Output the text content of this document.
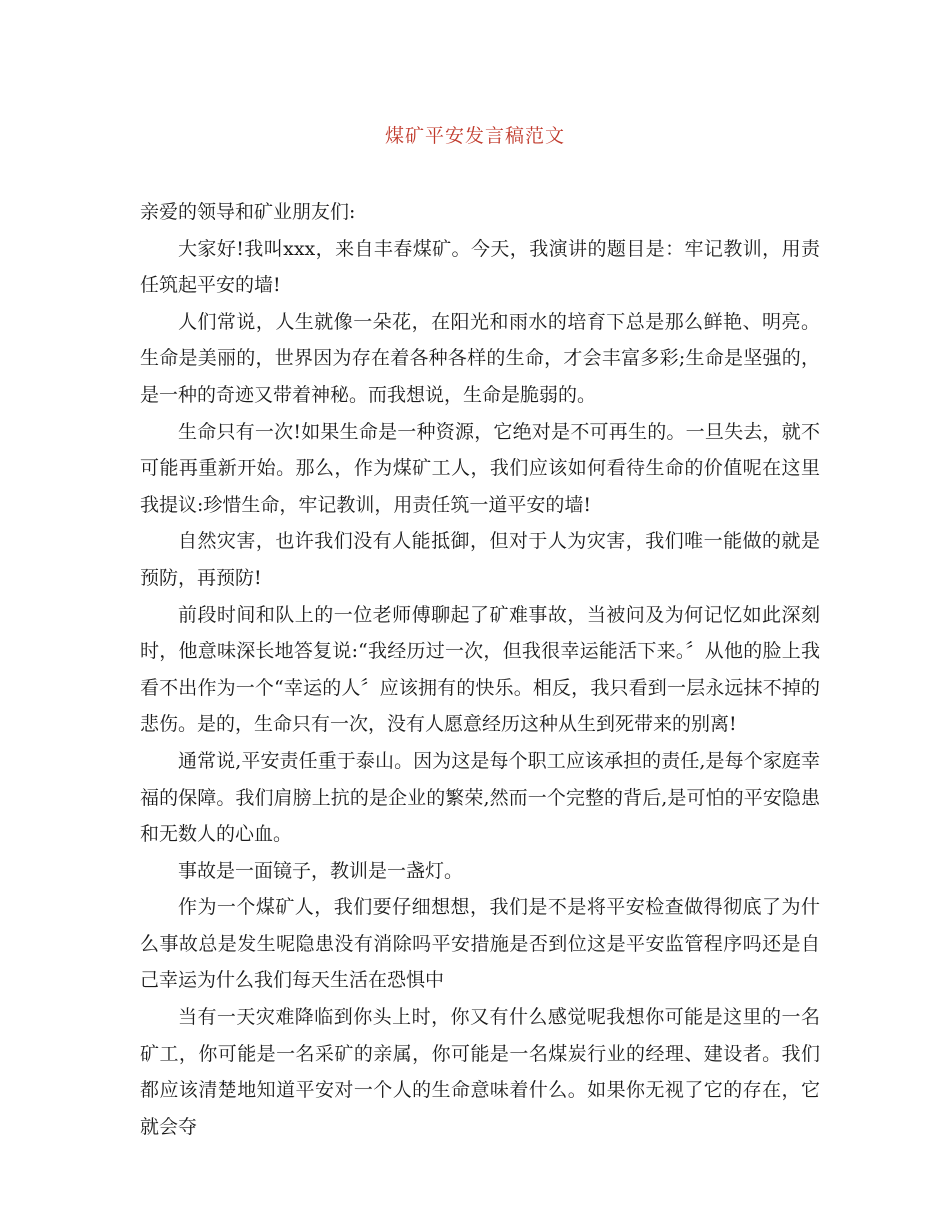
煤矿平安发言稿范文

亲爱的领导和矿业朋友们:

大家好!我叫xxx，来自丰春煤矿。今天，我演讲的题目是：牢记教训，用责任筑起平安的墙!

人们常说，人生就像一朵花，在阳光和雨水的培育下总是那么鲜艳、明亮。生命是美丽的，世界因为存在着各种各样的生命，才会丰富多彩;生命是坚强的，是一种的奇迹又带着神秘。而我想说，生命是脆弱的。

生命只有一次!如果生命是一种资源，它绝对是不可再生的。一旦失去，就不可能再重新开始。那么，作为煤矿工人，我们应该如何看待生命的价值呢在这里我提议:珍惜生命，牢记教训，用责任筑一道平安的墙!

自然灾害，也许我们没有人能抵御，但对于人为灾害，我们唯一能做的就是预防，再预防!

前段时间和队上的一位老师傅聊起了矿难事故，当被问及为何记忆如此深刻时，他意味深长地答复说:“我经历过一次，但我很幸运能活下来。〞从他的脸上我看不出作为一个“幸运的人〞应该拥有的快乐。相反，我只看到一层永远抹不掉的悲伤。是的，生命只有一次，没有人愿意经历这种从生到死带来的别离!

通常说,平安责任重于泰山。因为这是每个职工应该承担的责任,是每个家庭幸福的保障。我们肩膀上抗的是企业的繁荣,然而一个完整的背后,是可怕的平安隐患和无数人的心血。

事故是一面镜子，教训是一盏灯。

作为一个煤矿人，我们要仔细想想，我们是不是将平安检查做得彻底了为什么事故总是发生呢隐患没有消除吗平安措施是否到位这是平安监管程序吗还是自己幸运为什么我们每天生活在恐惧中

当有一天灾难降临到你头上时，你又有什么感觉呢我想你可能是这里的一名矿工，你可能是一名采矿的亲属，你可能是一名煤炭行业的经理、建设者。我们都应该清楚地知道平安对一个人的生命意味着什么。如果你无视了它的存在，它就会夺
